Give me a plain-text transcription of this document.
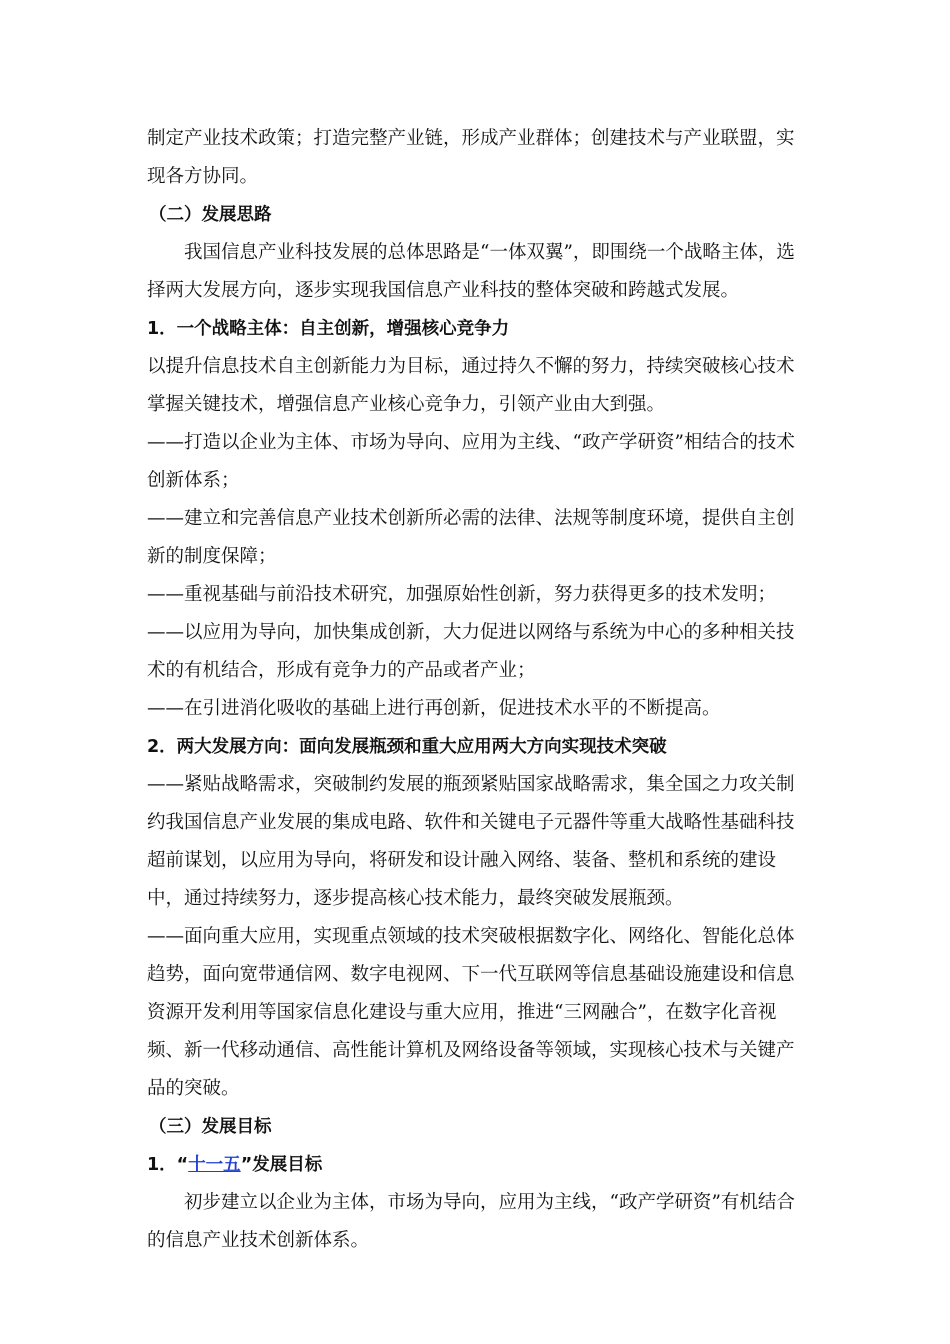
制定产业技术政策；打造完整产业链，形成产业群体；创建技术与产业联盟，实现各方协同。

（二）发展思路

我国信息产业科技发展的总体思路是“一体双翼”，即围绕一个战略主体，选择两大发展方向，逐步实现我国信息产业科技的整体突破和跨越式发展。

1．一个战略主体：自主创新，增强核心竞争力

以提升信息技术自主创新能力为目标，通过持久不懈的努力，持续突破核心技术掌握关键技术，增强信息产业核心竞争力，引领产业由大到强。

——打造以企业为主体、市场为导向、应用为主线、“政产学研资”相结合的技术创新体系；

——建立和完善信息产业技术创新所必需的法律、法规等制度环境，提供自主创新的制度保障；

——重视基础与前沿技术研究，加强原始性创新，努力获得更多的技术发明；

——以应用为导向，加快集成创新，大力促进以网络与系统为中心的多种相关技术的有机结合，形成有竞争力的产品或者产业；

——在引进消化吸收的基础上进行再创新，促进技术水平的不断提高。

2．两大发展方向：面向发展瓶颈和重大应用两大方向实现技术突破

——紧贴战略需求，突破制约发展的瓶颈紧贴国家战略需求，集全国之力攻关制约我国信息产业发展的集成电路、软件和关键电子元器件等重大战略性基础科技超前谋划，以应用为导向，将研发和设计融入网络、装备、整机和系统的建设中，通过持续努力，逐步提高核心技术能力，最终突破发展瓶颈。

——面向重大应用，实现重点领域的技术突破根据数字化、网络化、智能化总体趋势，面向宽带通信网、数字电视网、下一代互联网等信息基础设施建设和信息资源开发利用等国家信息化建设与重大应用，推进“三网融合”，在数字化音视频、新一代移动通信、高性能计算机及网络设备等领域，实现核心技术与关键产品的突破。

（三）发展目标

1．“十一五”发展目标

初步建立以企业为主体，市场为导向，应用为主线，“政产学研资”有机结合的信息产业技术创新体系。
